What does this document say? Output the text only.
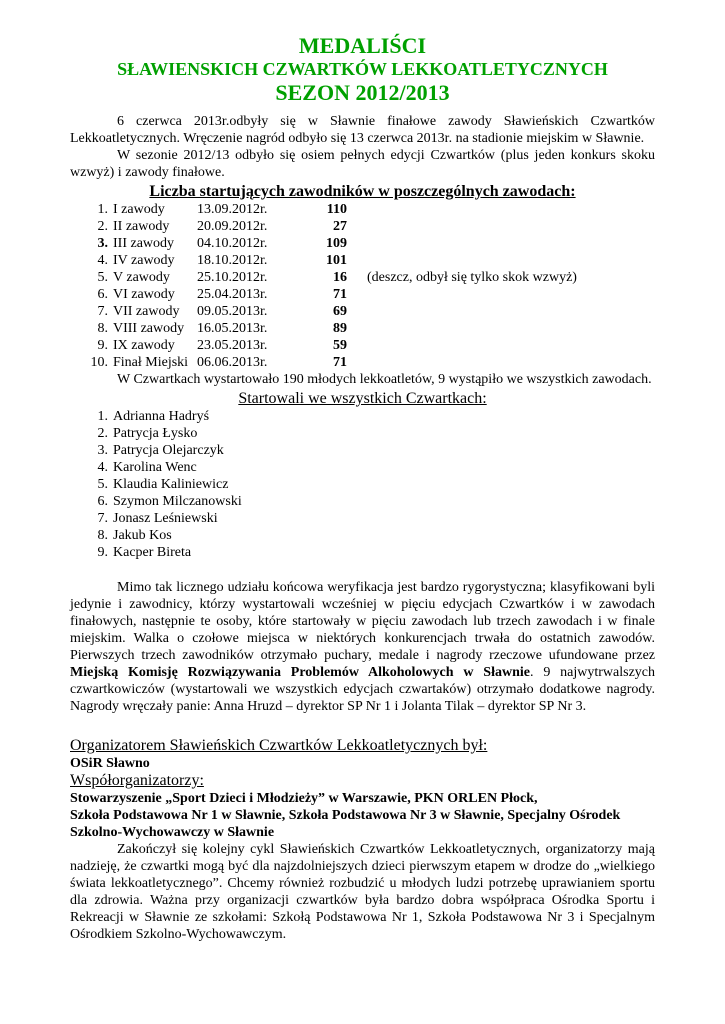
MEDALIŚCI
SŁAWIENSKICH CZWARTKÓW LEKKOATLETYCZNYCH
SEZON 2012/2013

6 czerwca 2013r.odbyły się w Sławnie finałowe zawody Sławieńskich Czwartków Lekkoatletycznych. Wręczenie nagród odbyło się 13 czerwca 2013r. na stadionie miejskim w Sławnie.

W sezonie 2012/13 odbyło się osiem pełnych edycji Czwartków (plus jeden konkurs skoku wzwyż) i zawody finałowe.

Liczba startujących zawodników w poszczególnych zawodach:
1.	I zawody	13.09.2012r.	110	
2.	II zawody	20.09.2012r.	27	
3.	III zawody	04.10.2012r.	109	
4.	IV zawody	18.10.2012r.	101	
5.	V zawody	25.10.2012r.	16	(deszcz, odbył się tylko skok wzwyż)
6.	VI zawody	25.04.2013r.	71	
7.	VII zawody	09.05.2013r.	69	
8.	VIII zawody	16.05.2013r.	89	
9.	IX zawody	23.05.2013r.	59	
10.	Finał Miejski	06.06.2013r.	71	

W Czwartkach wystartowało 190 młodych lekkoatletów, 9 wystąpiło we wszystkich zawodach.

Startowali we wszystkich Czwartkach:
1. Adrianna Hadryś
2. Patrycja Łysko
3. Patrycja Olejarczyk
4. Karolina Wenc
5. Klaudia Kaliniewicz
6. Szymon Milczanowski
7. Jonasz Leśniewski
8. Jakub Kos
9. Kacper Bireta

Mimo tak licznego udziału końcowa weryfikacja jest bardzo rygorystyczna; klasyfikowani byli jedynie i zawodnicy, którzy wystartowali wcześniej w pięciu edycjach Czwartków i w zawodach finałowych, następnie te osoby, które startowały w pięciu zawodach lub trzech zawodach i w finale miejskim. Walka o czołowe miejsca w niektórych konkurencjach trwała do ostatnich zawodów. Pierwszych trzech zawodników otrzymało puchary, medale i nagrody rzeczowe ufundowane przez Miejską Komisję Rozwiązywania Problemów Alkoholowych w Sławnie. 9 najwytrwalszych czwartkowiczów (wystartowali we wszystkich edycjach czwartaków) otrzymało dodatkowe nagrody. Nagrody wręczały panie: Anna Hruzd – dyrektor SP Nr 1 i Jolanta Tilak – dyrektor SP Nr 3.

Organizatorem Sławieńskich Czwartków Lekkoatletycznych był:
OSiR Sławno
Współorganizatorzy:
Stowarzyszenie „Sport Dzieci i Młodzieży” w Warszawie, PKN ORLEN Płock,
Szkoła Podstawowa Nr 1 w Sławnie, Szkoła Podstawowa Nr 3 w Sławnie, Specjalny Ośrodek Szkolno-Wychowawczy w Sławnie

Zakończył się kolejny cykl Sławieńskich Czwartków Lekkoatletycznych, organizatorzy mają nadzieję, że czwartki mogą być dla najzdolniejszych dzieci pierwszym etapem w drodze do „wielkiego świata lekkoatletycznego”. Chcemy również rozbudzić u młodych ludzi potrzebę uprawianiem sportu dla zdrowia. Ważna przy organizacji czwartków była bardzo dobra współpraca Ośrodka Sportu i Rekreacji w Sławnie ze szkołami: Szkołą Podstawowa Nr 1, Szkoła Podstawowa Nr 3 i Specjalnym Ośrodkiem Szkolno-Wychowawczym.
